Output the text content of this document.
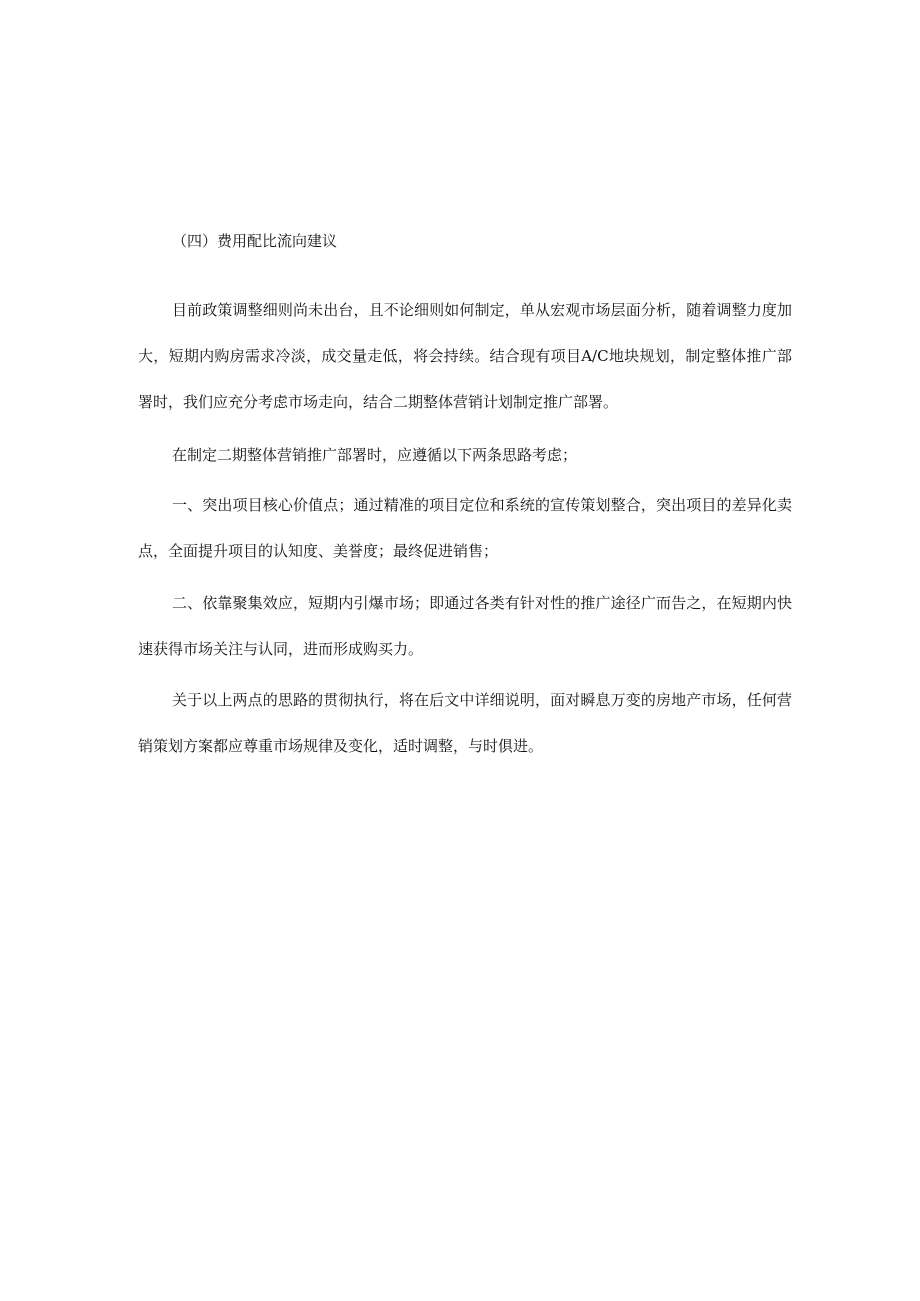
（四）费用配比流向建议

目前政策调整细则尚未出台，且不论细则如何制定，单从宏观市场层面分析，随着调整力度加大，短期内购房需求冷淡，成交量走低，将会持续。结合现有项目A/C地块规划，制定整体推广部署时，我们应充分考虑市场走向，结合二期整体营销计划制定推广部署。

在制定二期整体营销推广部署时，应遵循以下两条思路考虑；

一、突出项目核心价值点；通过精准的项目定位和系统的宣传策划整合，突出项目的差异化卖点，全面提升项目的认知度、美誉度；最终促进销售；

二、依靠聚集效应，短期内引爆市场；即通过各类有针对性的推广途径广而告之，在短期内快速获得市场关注与认同，进而形成购买力。

关于以上两点的思路的贯彻执行，将在后文中详细说明，面对瞬息万变的房地产市场，任何营销策划方案都应尊重市场规律及变化，适时调整，与时俱进。
